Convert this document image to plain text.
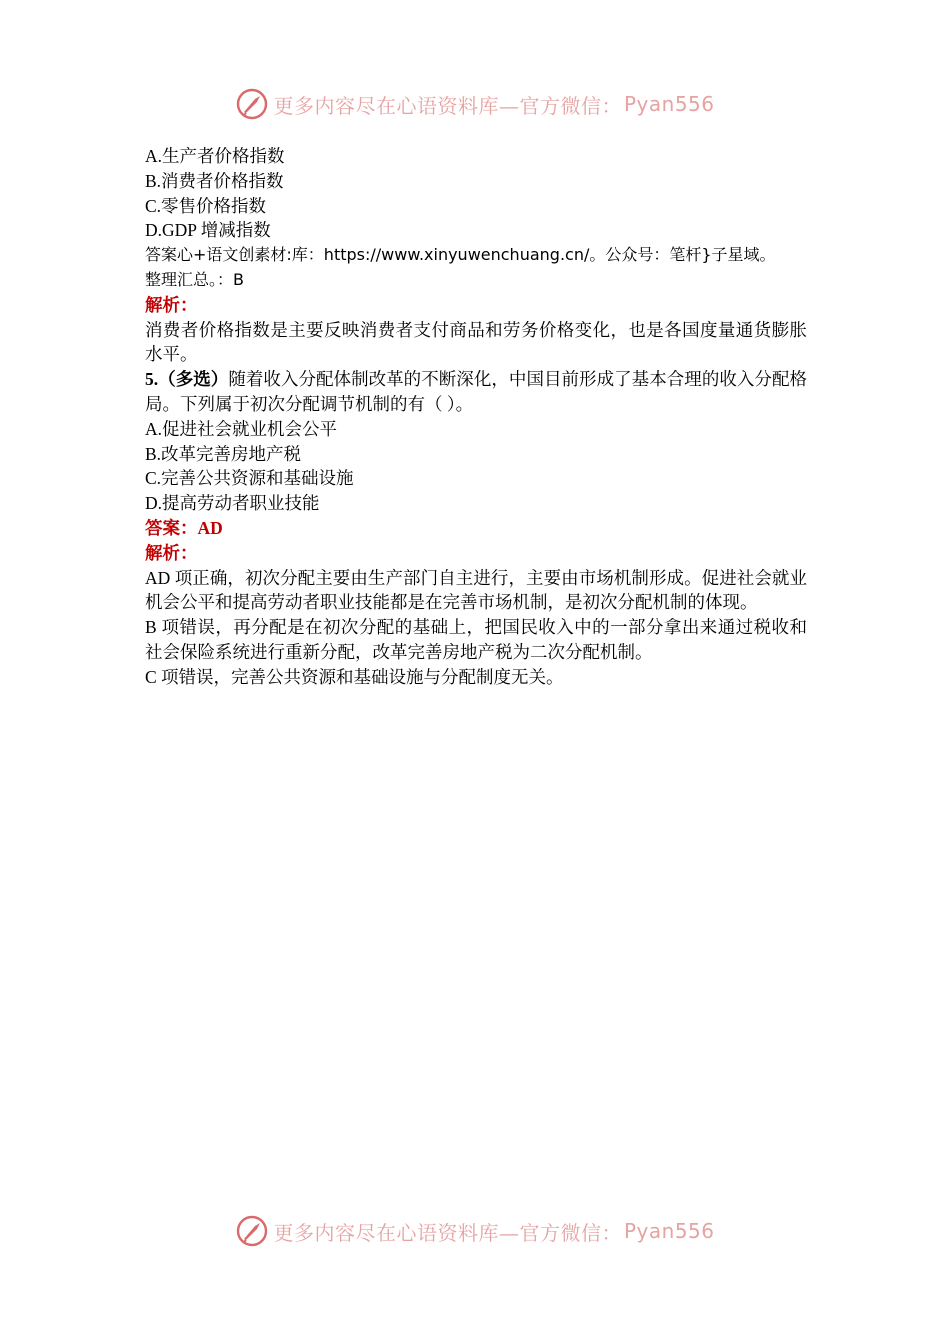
更多内容尽在心语资料库—官方微信： Pyan556
A.生产者价格指数
B.消费者价格指数
C.零售价格指数
D.GDP 增减指数
答案心+语文创素材:库：https://www.xinyuwenchuang.cn/。公众号：笔杆}子星域。
整理汇总。：B
解析：
消费者价格指数是主要反映消费者支付商品和劳务价格变化，也是各国度量通货膨胀水平。
5.（多选）随着收入分配体制改革的不断深化，中国目前形成了基本合理的收入分配格局。下列属于初次分配调节机制的有（ ）。
A.促进社会就业机会公平
B.改革完善房地产税
C.完善公共资源和基础设施
D.提高劳动者职业技能
答案：AD
解析：
AD 项正确，初次分配主要由生产部门自主进行，主要由市场机制形成。促进社会就业机会公平和提高劳动者职业技能都是在完善市场机制，是初次分配机制的体现。
B 项错误，再分配是在初次分配的基础上，把国民收入中的一部分拿出来通过税收和社会保险系统进行重新分配，改革完善房地产税为二次分配机制。
C 项错误，完善公共资源和基础设施与分配制度无关。
更多内容尽在心语资料库—官方微信： Pyan556
